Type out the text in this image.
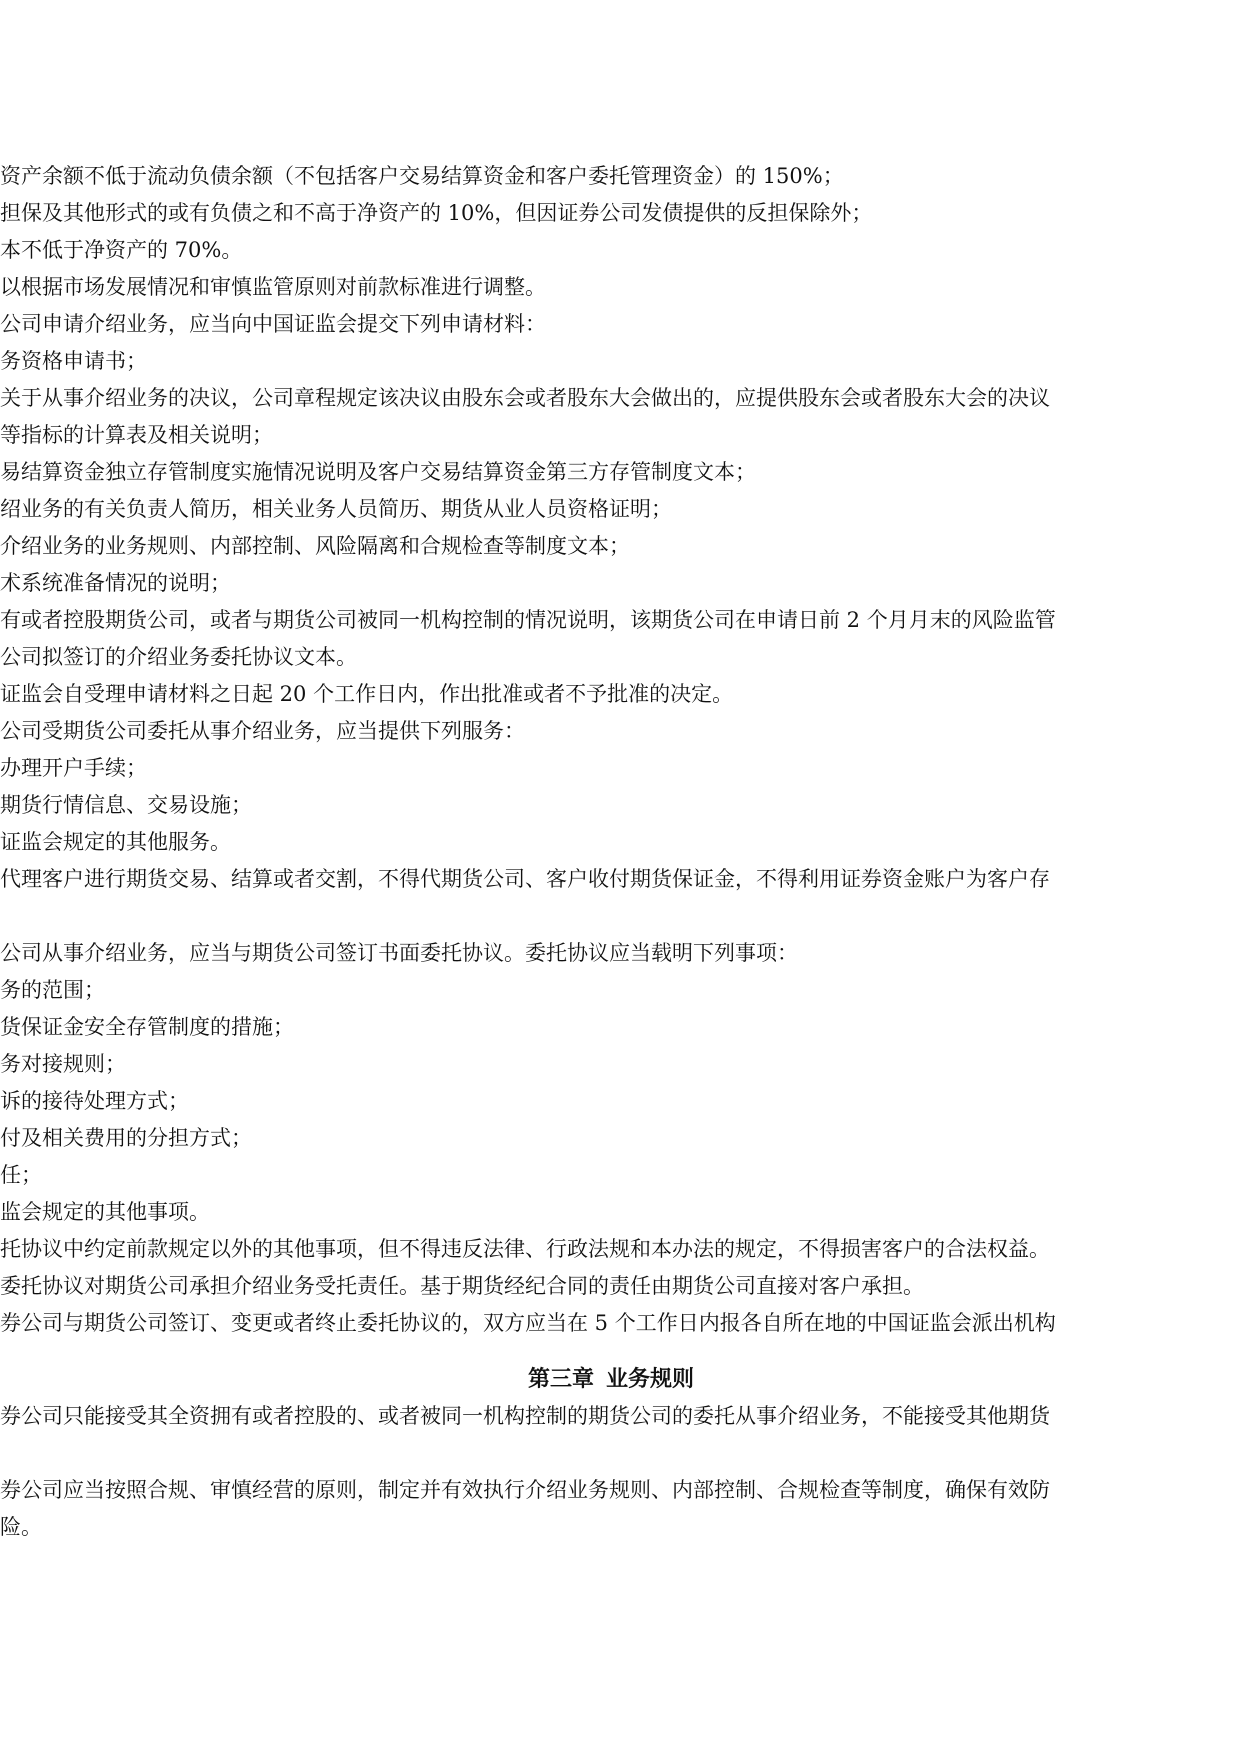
资产余额不低于流动负债余额（不包括客户交易结算资金和客户委托管理资金）的 150%；
担保及其他形式的或有负债之和不高于净资产的 10%，但因证券公司发债提供的反担保除外；
本不低于净资产的 70%。
以根据市场发展情况和审慎监管原则对前款标准进行调整。
公司申请介绍业务，应当向中国证监会提交下列申请材料：
务资格申请书；
关于从事介绍业务的决议，公司章程规定该决议由股东会或者股东大会做出的，应提供股东会或者股东大会的决议
等指标的计算表及相关说明；
易结算资金独立存管制度实施情况说明及客户交易结算资金第三方存管制度文本；
绍业务的有关负责人简历，相关业务人员简历、期货从业人员资格证明；
介绍业务的业务规则、内部控制、风险隔离和合规检查等制度文本；
术系统准备情况的说明；
有或者控股期货公司，或者与期货公司被同一机构控制的情况说明，该期货公司在申请日前 2 个月月末的风险监管
公司拟签订的介绍业务委托协议文本。
证监会自受理申请材料之日起 20 个工作日内，作出批准或者不予批准的决定。
公司受期货公司委托从事介绍业务，应当提供下列服务：
办理开户手续；
期货行情信息、交易设施；
证监会规定的其他服务。
代理客户进行期货交易、结算或者交割，不得代期货公司、客户收付期货保证金，不得利用证券资金账户为客户存
公司从事介绍业务，应当与期货公司签订书面委托协议。委托协议应当载明下列事项：
务的范围；
货保证金安全存管制度的措施；
务对接规则；
诉的接待处理方式；
付及相关费用的分担方式；
任；
监会规定的其他事项。
托协议中约定前款规定以外的其他事项，但不得违反法律、行政法规和本办法的规定，不得损害客户的合法权益。
委托协议对期货公司承担介绍业务受托责任。基于期货经纪合同的责任由期货公司直接对客户承担。
券公司与期货公司签订、变更或者终止委托协议的，双方应当在 5 个工作日内报各自所在地的中国证监会派出机构
第三章 业务规则
券公司只能接受其全资拥有或者控股的、或者被同一机构控制的期货公司的委托从事介绍业务，不能接受其他期货
券公司应当按照合规、审慎经营的原则，制定并有效执行介绍业务规则、内部控制、合规检查等制度，确保有效防
险。
